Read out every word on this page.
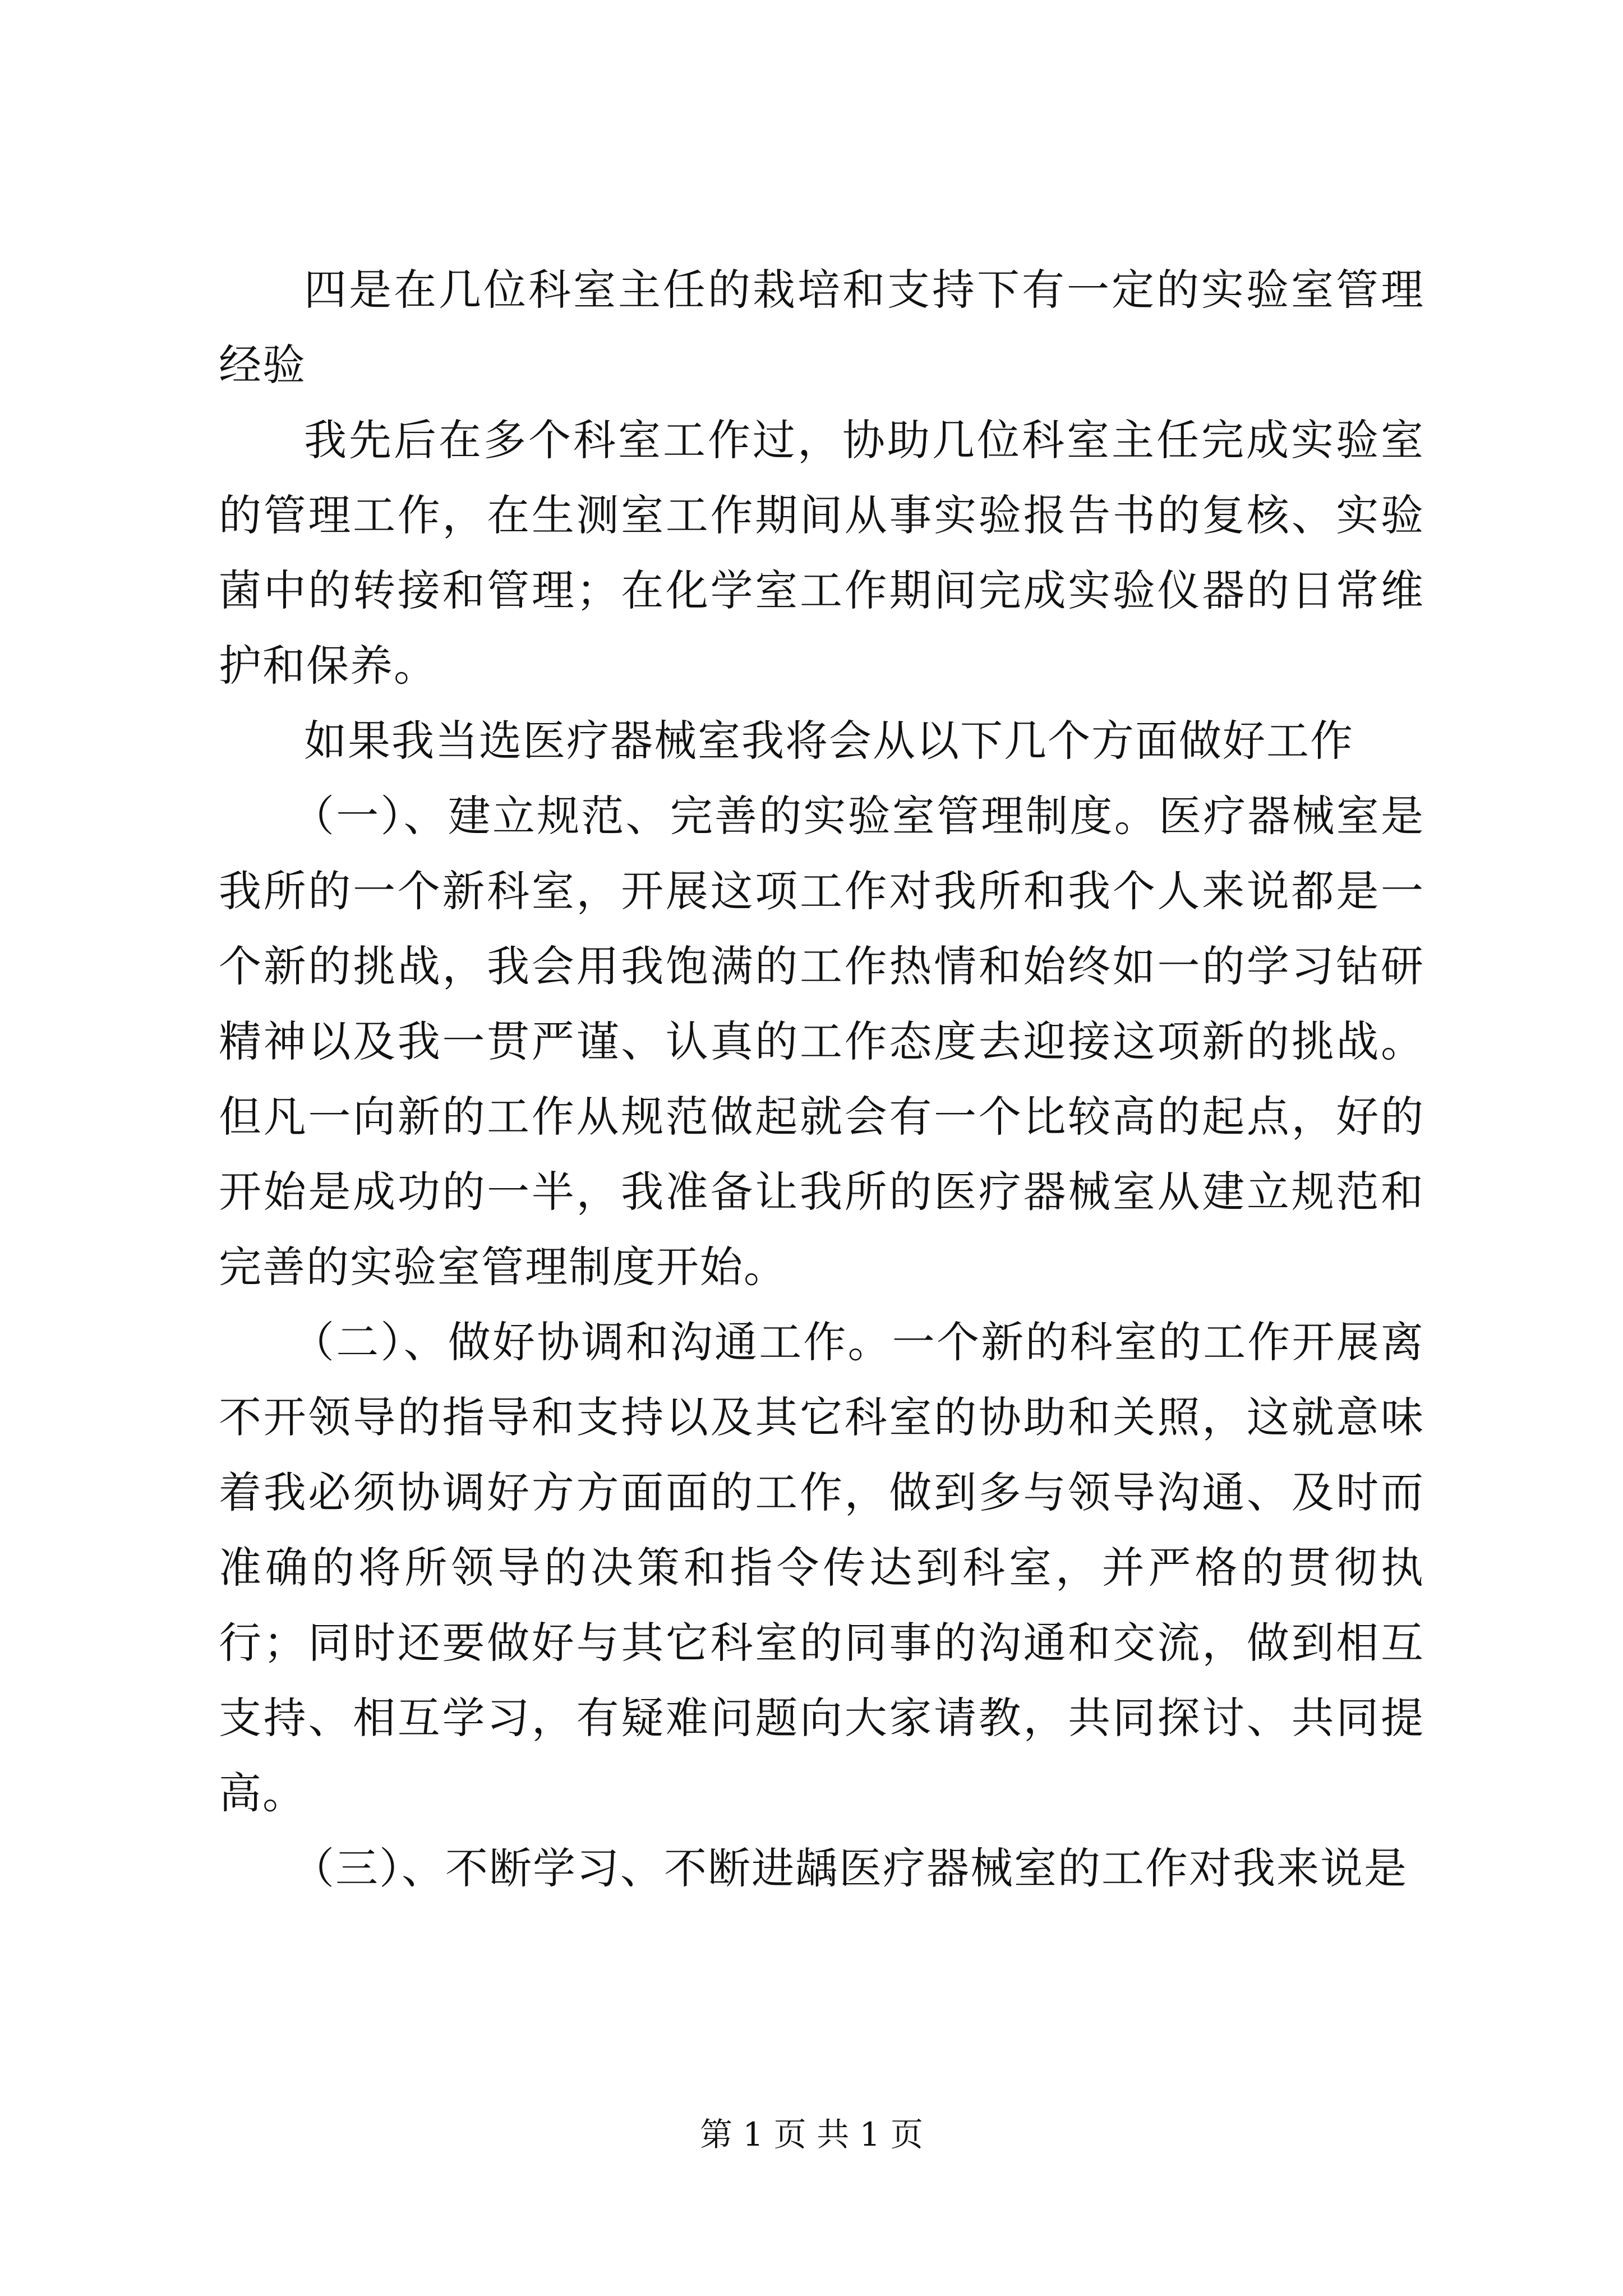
四是在几位科室主任的栽培和支持下有一定的实验室管理经验

我先后在多个科室工作过，协助几位科室主任完成实验室的管理工作，在生测室工作期间从事实验报告书的复核、实验菌中的转接和管理；在化学室工作期间完成实验仪器的日常维护和保养。

如果我当选医疗器械室我将会从以下几个方面做好工作

（一）、建立规范、完善的实验室管理制度。医疗器械室是我所的一个新科室，开展这项工作对我所和我个人来说都是一个新的挑战，我会用我饱满的工作热情和始终如一的学习钻研精神以及我一贯严谨、认真的工作态度去迎接这项新的挑战。但凡一向新的工作从规范做起就会有一个比较高的起点，好的开始是成功的一半，我准备让我所的医疗器械室从建立规范和完善的实验室管理制度开始。

（二）、做好协调和沟通工作。一个新的科室的工作开展离不开领导的指导和支持以及其它科室的协助和关照，这就意味着我必须协调好方方面面的工作，做到多与领导沟通、及时而准确的将所领导的决策和指令传达到科室，并严格的贯彻执行；同时还要做好与其它科室的同事的沟通和交流，做到相互支持、相互学习，有疑难问题向大家请教，共同探讨、共同提高。

（三）、不断学习、不断进龋医疗器械室的工作对我来说是

第 1 页 共 1 页
